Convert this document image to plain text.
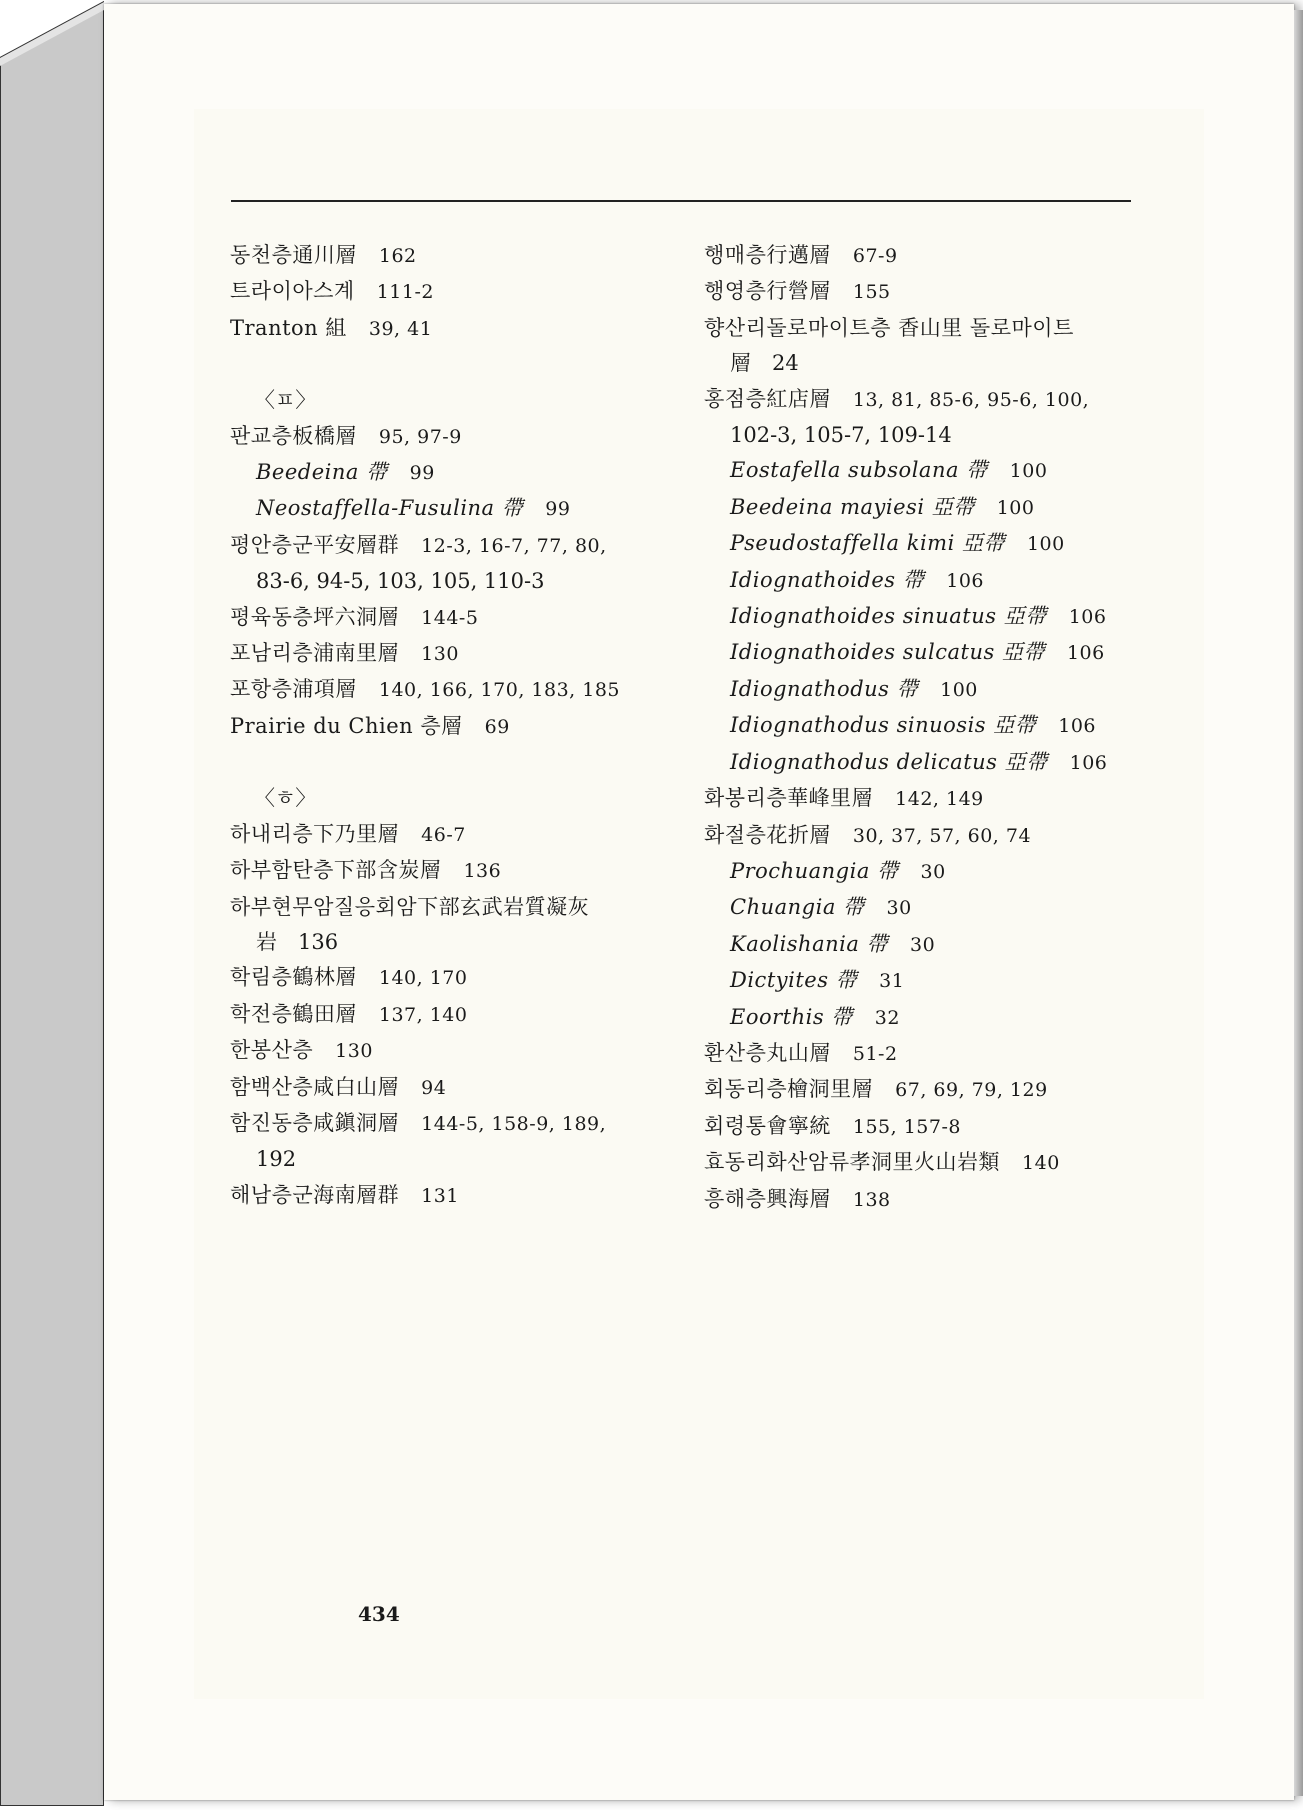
동천층通川層 162
트라이아스계 111-2
Tranton 組 39, 41
〈ㅍ〉
판교층板橋層 95, 97-9
Beedeina 帶 99
Neostaffella-Fusulina 帶 99
평안층군平安層群 12-3, 16-7, 77, 80,
83-6, 94-5, 103, 105, 110-3
평육동층坪六洞層 144-5
포남리층浦南里層 130
포항층浦項層 140, 166, 170, 183, 185
Prairie du Chien 층層 69
〈ㅎ〉
하내리층下乃里層 46-7
하부함탄층下部含炭層 136
하부현무암질응회암下部玄武岩質凝灰
岩　136
학림층鶴林層 140, 170
학전층鶴田層 137, 140
한봉산층 130
함백산층咸白山層 94
함진동층咸鎭洞層 144-5, 158-9, 189,
192
해남층군海南層群 131
행매층行邁層 67-9
행영층行營層 155
향산리돌로마이트층 香山里 돌로마이트
層　24
홍점층紅店層 13, 81, 85-6, 95-6, 100,
102-3, 105-7, 109-14
Eostafella subsolana 帶 100
Beedeina mayiesi 亞帶 100
Pseudostaffella kimi 亞帶 100
Idiognathoides 帶 106
Idiognathoides sinuatus 亞帶 106
Idiognathoides sulcatus 亞帶 106
Idiognathodus 帶 100
Idiognathodus sinuosis 亞帶 106
Idiognathodus delicatus 亞帶 106
화봉리층華峰里層 142, 149
화절층花折層 30, 37, 57, 60, 74
Prochuangia 帶 30
Chuangia 帶 30
Kaolishania 帶 30
Dictyites 帶 31
Eoorthis 帶 32
환산층丸山層 51-2
회동리층檜洞里層 67, 69, 79, 129
회령통會寧統 155, 157-8
효동리화산암류孝洞里火山岩類 140
흥해층興海層 138
434
